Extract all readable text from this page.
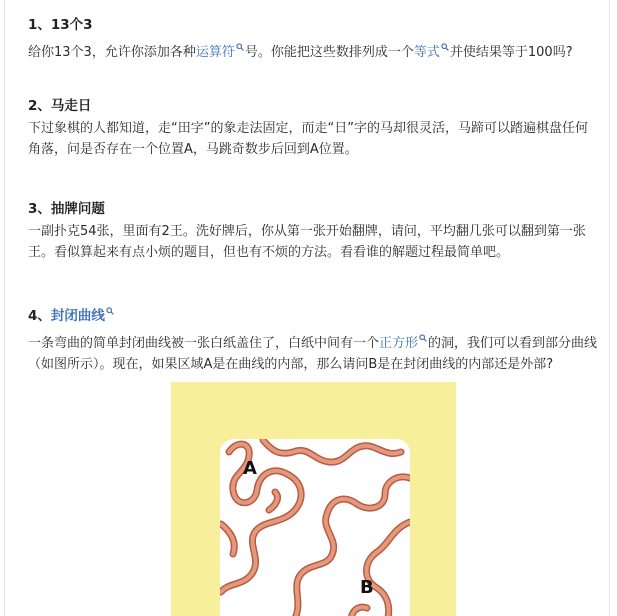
1、13个3

给你13个3，允许你添加各种运算符 号。你能把这些数排列成一个等式 并使结果等于100吗?

2、马走日

下过象棋的人都知道，走“田字”的象走法固定，而走“日”字的马却很灵活，马蹄可以踏遍棋盘任何角落，问是否存在一个位置A，马跳奇数步后回到A位置。

3、抽牌问题

一副扑克54张，里面有2王。洗好牌后，你从第一张开始翻牌，请问，平均翻几张可以翻到第一张王。看似算起来有点小烦的题目，但也有不烦的方法。看看谁的解题过程最简单吧。

4、封闭曲线

一条弯曲的简单封闭曲线被一张白纸盖住了，白纸中间有一个正方形 的洞，我们可以看到部分曲线（如图所示）。现在，如果区域A是在曲线的内部，那么请问B是在封闭曲线的内部还是外部?

A
B
